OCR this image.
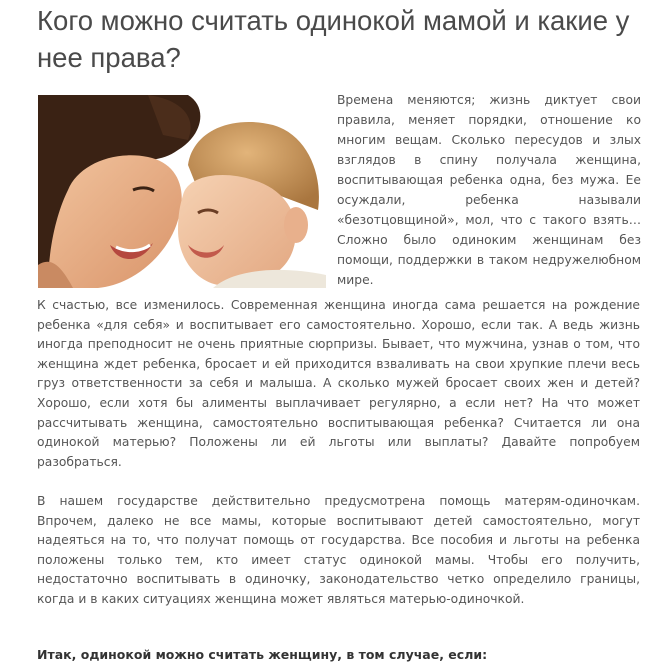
Кого можно считать одинокой мамой и какие у нее права?

Времена меняются; жизнь диктует свои правила, меняет порядки, отношение ко многим вещам. Сколько пересудов и злых взглядов в спину получала женщина, воспитывающая ребенка одна, без мужа. Ее осуждали, ребенка называли «безотцовщиной», мол, что с такого взять… Сложно было одиноким женщинам без помощи, поддержки в таком недружелюбном мире.

К счастью, все изменилось. Современная женщина иногда сама решается на рождение ребенка «для себя» и воспитывает его самостоятельно. Хорошо, если так. А ведь жизнь иногда преподносит не очень приятные сюрпризы. Бывает, что мужчина, узнав о том, что женщина ждет ребенка, бросает и ей приходится взваливать на свои хрупкие плечи весь груз ответственности за себя и малыша. А сколько мужей бросает своих жен и детей? Хорошо, если хотя бы алименты выплачивает регулярно, а если нет? На что может рассчитывать женщина, самостоятельно воспитывающая ребенка? Считается ли она одинокой матерью? Положены ли ей льготы или выплаты? Давайте попробуем разобраться.

В нашем государстве действительно предусмотрена помощь матерям-одиночкам. Впрочем, далеко не все мамы, которые воспитывают детей самостоятельно, могут надеяться на то, что получат помощь от государства. Все пособия и льготы на ребенка положены только тем, кто имеет статус одинокой мамы. Чтобы его получить, недостаточно воспитывать в одиночку, законодательство четко определило границы, когда и в каких ситуациях женщина может являться матерью-одиночкой.

Итак, одинокой можно считать женщину, в том случае, если:
